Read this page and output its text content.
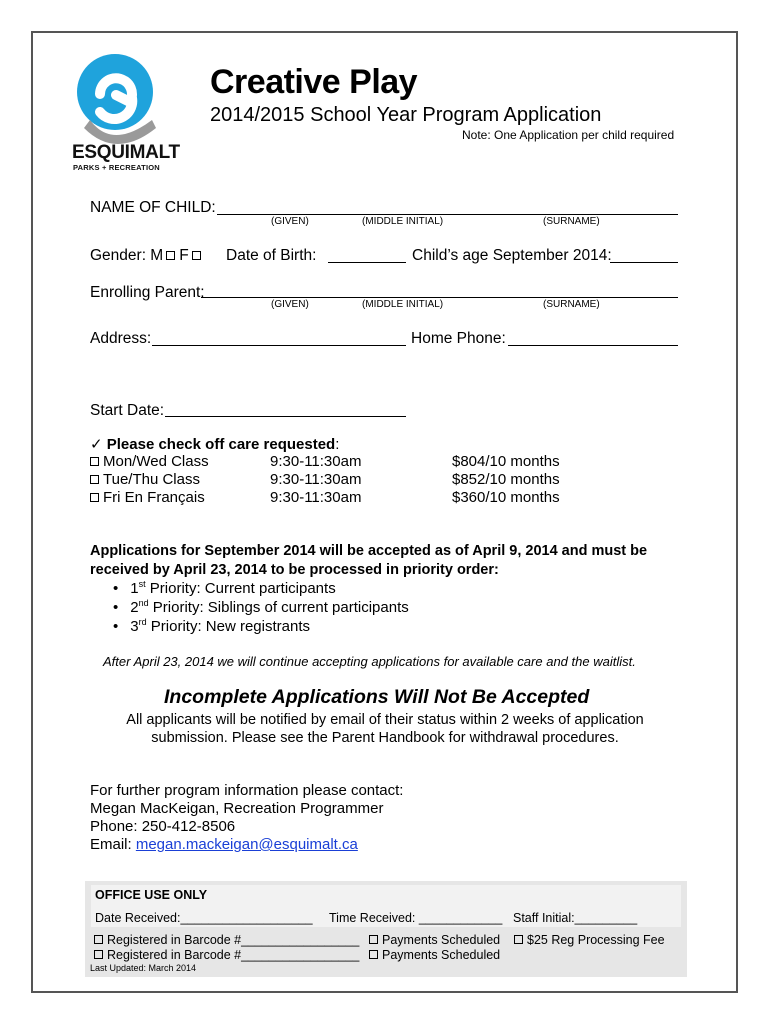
ESQUIMALT
PARKS + RECREATION
Creative Play
2014/2015 School Year Program Application
Note: One Application per child required
NAME OF CHILD:
(GIVEN)	(MIDDLE INITIAL)	(SURNAME)
Gender: M F	Date of Birth:	Child’s age September 2014:
Enrolling Parent:
(GIVEN)	(MIDDLE INITIAL)	(SURNAME)
Address:	Home Phone:
Start Date:
✓ Please check off care requested:
Mon/Wed Class	9:30-11:30am	$804/10 months
Tue/Thu Class	9:30-11:30am	$852/10 months
Fri En Français	9:30-11:30am	$360/10 months
Applications for September 2014 will be accepted as of April 9, 2014 and must be
received by April 23, 2014 to be processed in priority order:
• 1st Priority: Current participants
• 2nd Priority: Siblings of current participants
• 3rd Priority: New registrants
After April 23, 2014 we will continue accepting applications for available care and the waitlist.
Incomplete Applications Will Not Be Accepted
All applicants will be notified by email of their status within 2 weeks of application
submission. Please see the Parent Handbook for withdrawal procedures.
For further program information please contact:
Megan MacKeigan, Recreation Programmer
Phone: 250-412-8506
Email: megan.mackeigan@esquimalt.ca
OFFICE USE ONLY
Date Received:___________________ Time Received: ____________ Staff Initial:_________
Registered in Barcode #_________________	Payments Scheduled	$25 Reg Processing Fee
Registered in Barcode #_________________	Payments Scheduled
Last Updated: March 2014
